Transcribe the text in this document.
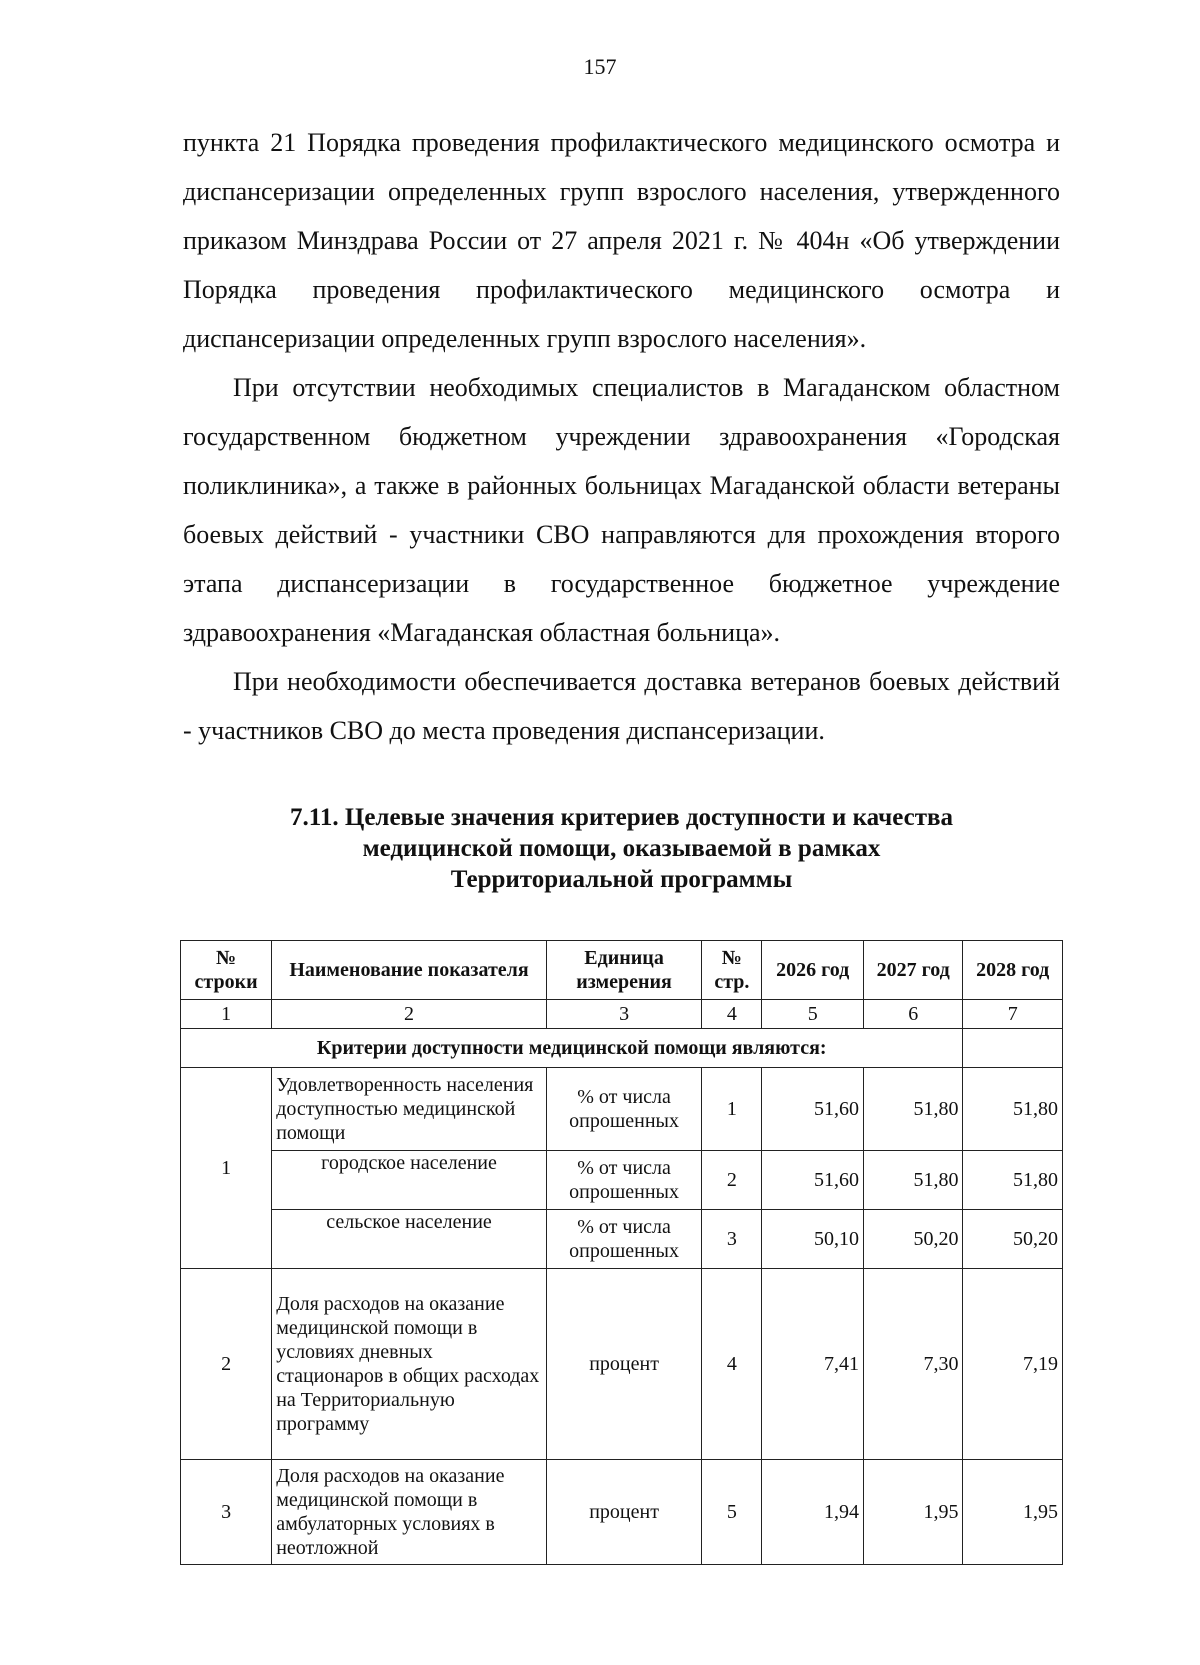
157

пункта 21 Порядка проведения профилактического медицинского осмотра и диспансеризации определенных групп взрослого населения, утвержденного приказом Минздрава России от 27 апреля 2021 г. № 404н «Об утверждении Порядка проведения профилактического медицинского осмотра и диспансеризации определенных групп взрослого населения».

При отсутствии необходимых специалистов в Магаданском областном государственном бюджетном учреждении здравоохранения «Городская поликлиника», а также в районных больницах Магаданской области ветераны боевых действий - участники СВО направляются для прохождения второго этапа диспансеризации в государственное бюджетное учреждение здравоохранения «Магаданская областная больница».

При необходимости обеспечивается доставка ветеранов боевых действий - участников СВО до места проведения диспансеризации.

7.11. Целевые значения критериев доступности и качества
медицинской помощи, оказываемой в рамках
Территориальной программы
№ строки	Наименование показателя	Единица измерения	№ стр.	2026 год	2027 год	2028 год
1	2	3	4	5	6	7
Критерии доступности медицинской помощи являются:						
1	Удовлетворенность населения доступностью медицинской помощи	% от числа опрошенных	1	51,60	51,80	51,80
	городское население	% от числа опрошенных	2	51,60	51,80	51,80
	сельское население	% от числа опрошенных	3	50,10	50,20	50,20
2	Доля расходов на оказание медицинской помощи в условиях дневных стационаров в общих расходах на Территориальную программу	процент	4	7,41	7,30	7,19
3	Доля расходов на оказание медицинской помощи в амбулаторных условиях в неотложной	процент	5	1,94	1,95	1,95
